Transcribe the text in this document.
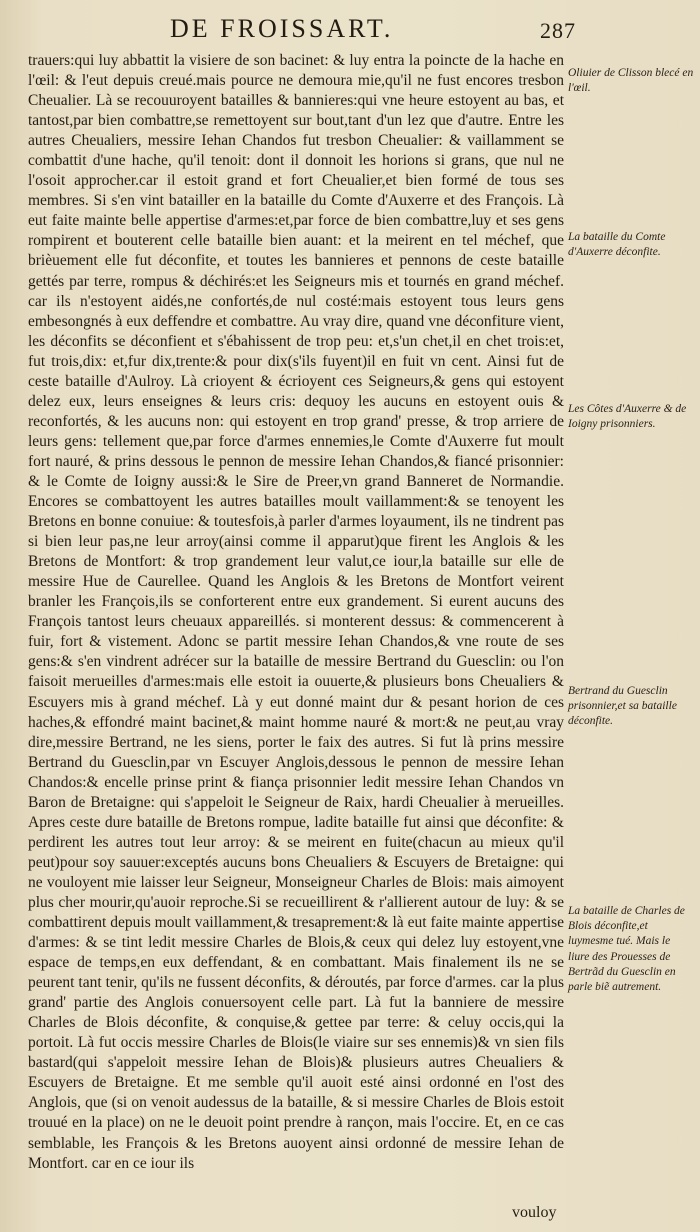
DE FROISSART.	287

trauers:qui luy abbattit la visiere de son bacinet: & luy entra la poincte de la hache en l'œil: & l'eut depuis creué.mais pource ne demoura mie,qu'il ne fust encores tresbon Cheualier. Là se recouuroyent batailles & bannieres:qui vne heure estoyent au bas, et tantost,par bien combattre,se remettoyent sur bout,tant d'un lez que d'autre. Entre les autres Cheualiers, messire Iehan Chandos fut tresbon Cheualier: & vaillamment se combattit d'une hache, qu'il tenoit: dont il donnoit les horions si grans, que nul ne l'osoit approcher.car il estoit grand et fort Cheualier,et bien formé de tous ses membres. Si s'en vint batailler en la bataille du Comte d'Auxerre et des François. Là eut faite mainte belle appertise d'armes:et,par force de bien combattre,luy et ses gens rompirent et bouterent celle bataille bien auant: et la meirent en tel méchef, que brièuement elle fut déconfite, et toutes les bannieres et pennons de ceste bataille gettés par terre, rompus & déchirés:et les Seigneurs mis et tournés en grand méchef. car ils n'estoyent aidés,ne confortés,de nul costé:mais estoyent tous leurs gens embesongnés à eux deffendre et combattre. Au vray dire, quand vne déconfiture vient, les déconfits se déconfient et s'ébahissent de trop peu: et,s'un chet,il en chet trois:et, fut trois,dix: et,fur dix,trente:& pour dix(s'ils fuyent)il en fuit vn cent. Ainsi fut de ceste bataille d'Aulroy. Là crioyent & écrioyent ces Seigneurs,& gens qui estoyent delez eux, leurs enseignes & leurs cris: dequoy les aucuns en estoyent ouis & reconfortés, & les aucuns non: qui estoyent en trop grand' presse, & trop arriere de leurs gens: tellement que,par force d'armes ennemies,le Comte d'Auxerre fut moult fort nauré, & prins dessous le pennon de messire Iehan Chandos,& fiancé prisonnier: & le Comte de Ioigny aussi:& le Sire de Preer,vn grand Banneret de Normandie. Encores se combattoyent les autres batailles moult vaillamment:& se tenoyent les Bretons en bonne conuiue: & toutesfois,à parler d'armes loyaument, ils ne tindrent pas si bien leur pas,ne leur arroy(ainsi comme il apparut)que firent les Anglois & les Bretons de Montfort: & trop grandement leur valut,ce iour,la bataille sur elle de messire Hue de Caurellee. Quand les Anglois & les Bretons de Montfort veirent branler les François,ils se conforterent entre eux grandement. Si eurent aucuns des François tantost leurs cheuaux appareillés. si monterent dessus: & commencerent à fuir, fort & vistement. Adonc se partit messire Iehan Chandos,& vne route de ses gens:& s'en vindrent adrécer sur la bataille de messire Bertrand du Guesclin: ou l'on faisoit merueilles d'armes:mais elle estoit ia ouuerte,& plusieurs bons Cheualiers & Escuyers mis à grand méchef. Là y eut donné maint dur & pesant horion de ces haches,& effondré maint bacinet,& maint homme nauré & mort:& ne peut,au vray dire,messire Bertrand, ne les siens, porter le faix des autres. Si fut là prins messire Bertrand du Guesclin,par vn Escuyer Anglois,dessous le pennon de messire Iehan Chandos:& encelle prinse print & fiança prisonnier ledit messire Iehan Chandos vn Baron de Bretaigne: qui s'appeloit le Seigneur de Raix, hardi Cheualier à merueilles. Apres ceste dure bataille de Bretons rompue, ladite bataille fut ainsi que déconfite: & perdirent les autres tout leur arroy: & se meirent en fuite(chacun au mieux qu'il peut)pour soy sauuer:exceptés aucuns bons Cheualiers & Escuyers de Bretaigne: qui ne vouloyent mie laisser leur Seigneur, Monseigneur Charles de Blois: mais aimoyent plus cher mourir,qu'auoir reproche.Si se recueillirent & r'allierent autour de luy: & se combattirent depuis moult vaillamment,& tresaprement:& là eut faite mainte appertise d'armes: & se tint ledit messire Charles de Blois,& ceux qui delez luy estoyent,vne espace de temps,en eux deffendant, & en combattant. Mais finalement ils ne se peurent tant tenir, qu'ils ne fussent déconfits, & déroutés, par force d'armes. car la plus grand' partie des Anglois conuersoyent celle part. Là fut la banniere de messire Charles de Blois déconfite, & conquise,& gettee par terre: & celuy occis,qui la portoit. Là fut occis messire Charles de Blois(le viaire sur ses ennemis)& vn sien fils bastard(qui s'appeloit messire Iehan de Blois)& plusieurs autres Cheualiers & Escuyers de Bretaigne. Et me semble qu'il auoit esté ainsi ordonné en l'ost des Anglois, que (si on venoit audessus de la bataille, & si messire Charles de Blois estoit trouué en la place) on ne le deuoit point prendre à rançon, mais l'occire. Et, en ce cas semblable, les François & les Bretons auoyent ainsi ordonné de messire Iehan de Montfort. car en ce iour ils

vouloy
Oliuier de Clisson blecé en l'œil.
La bataille du Comte d'Auxerre déconfite.
Les Côtes d'Auxerre & de Ioigny prisonniers.
Bertrand du Guesclin prisonnier,et sa bataille déconfite.
La bataille de Charles de Blois déconfite,et luymesme tué. Mais le liure des Prouesses de Bertrãd du Guesclin en parle biẽ autrement.
